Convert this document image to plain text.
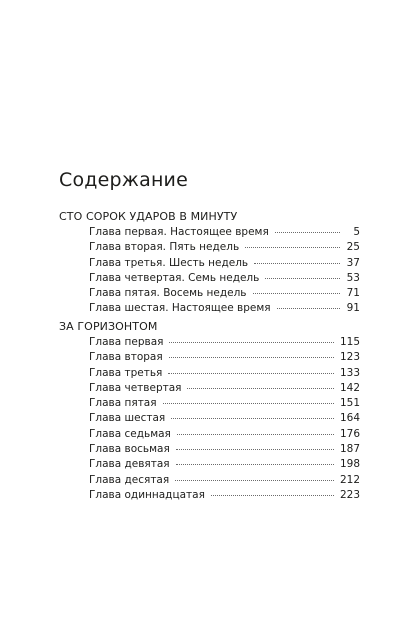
Содержание
СТО СОРОК УДАРОВ В МИНУТУ
Глава первая. Настоящее время	5
Глава вторая. Пять недель	25
Глава третья. Шесть недель	37
Глава четвертая. Семь недель	53
Глава пятая. Восемь недель	71
Глава шестая. Настоящее время	91
ЗА ГОРИЗОНТОМ
Глава первая	115
Глава вторая	123
Глава третья	133
Глава четвертая	142
Глава пятая	151
Глава шестая	164
Глава седьмая	176
Глава восьмая	187
Глава девятая	198
Глава десятая	212
Глава одиннадцатая	223
